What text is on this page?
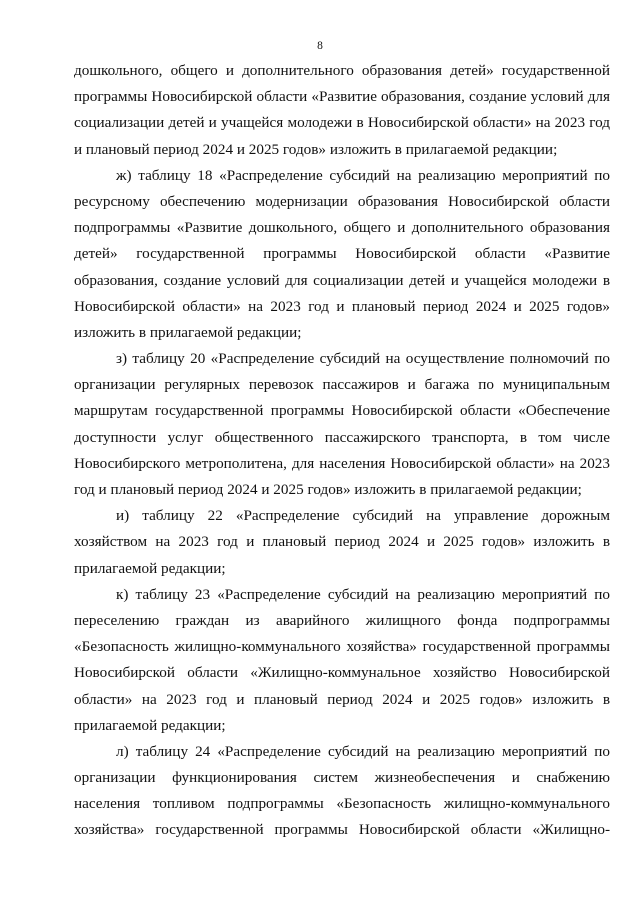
8
дошкольного, общего и дополнительного образования детей» государственной
программы Новосибирской области «Развитие образования, создание условий для
социализации детей и учащейся молодежи в Новосибирской области» на 2023 год
и плановый период 2024 и 2025 годов» изложить в прилагаемой редакции;
ж) таблицу 18 «Распределение субсидий на реализацию мероприятий по
ресурсному обеспечению модернизации образования Новосибирской области
подпрограммы «Развитие дошкольного, общего и дополнительного образования
детей» государственной программы Новосибирской области «Развитие
образования, создание условий для социализации детей и учащейся молодежи в
Новосибирской области» на 2023 год и плановый период 2024 и 2025 годов»
изложить в прилагаемой редакции;
з) таблицу 20 «Распределение субсидий на осуществление полномочий по
организации регулярных перевозок пассажиров и багажа по муниципальным
маршрутам государственной программы Новосибирской области «Обеспечение
доступности услуг общественного пассажирского транспорта, в том числе
Новосибирского метрополитена, для населения Новосибирской области» на 2023
год и плановый период 2024 и 2025 годов» изложить в прилагаемой редакции;
и) таблицу 22 «Распределение субсидий на управление дорожным
хозяйством на 2023 год и плановый период 2024 и 2025 годов» изложить в
прилагаемой редакции;
к) таблицу 23 «Распределение субсидий на реализацию мероприятий по
переселению граждан из аварийного жилищного фонда подпрограммы
«Безопасность жилищно-коммунального хозяйства» государственной программы
Новосибирской области «Жилищно-коммунальное хозяйство Новосибирской
области» на 2023 год и плановый период 2024 и 2025 годов» изложить в
прилагаемой редакции;
л) таблицу 24 «Распределение субсидий на реализацию мероприятий по
организации функционирования систем жизнеобеспечения и снабжению
населения топливом подпрограммы «Безопасность жилищно-коммунального
хозяйства» государственной программы Новосибирской области «Жилищно-
